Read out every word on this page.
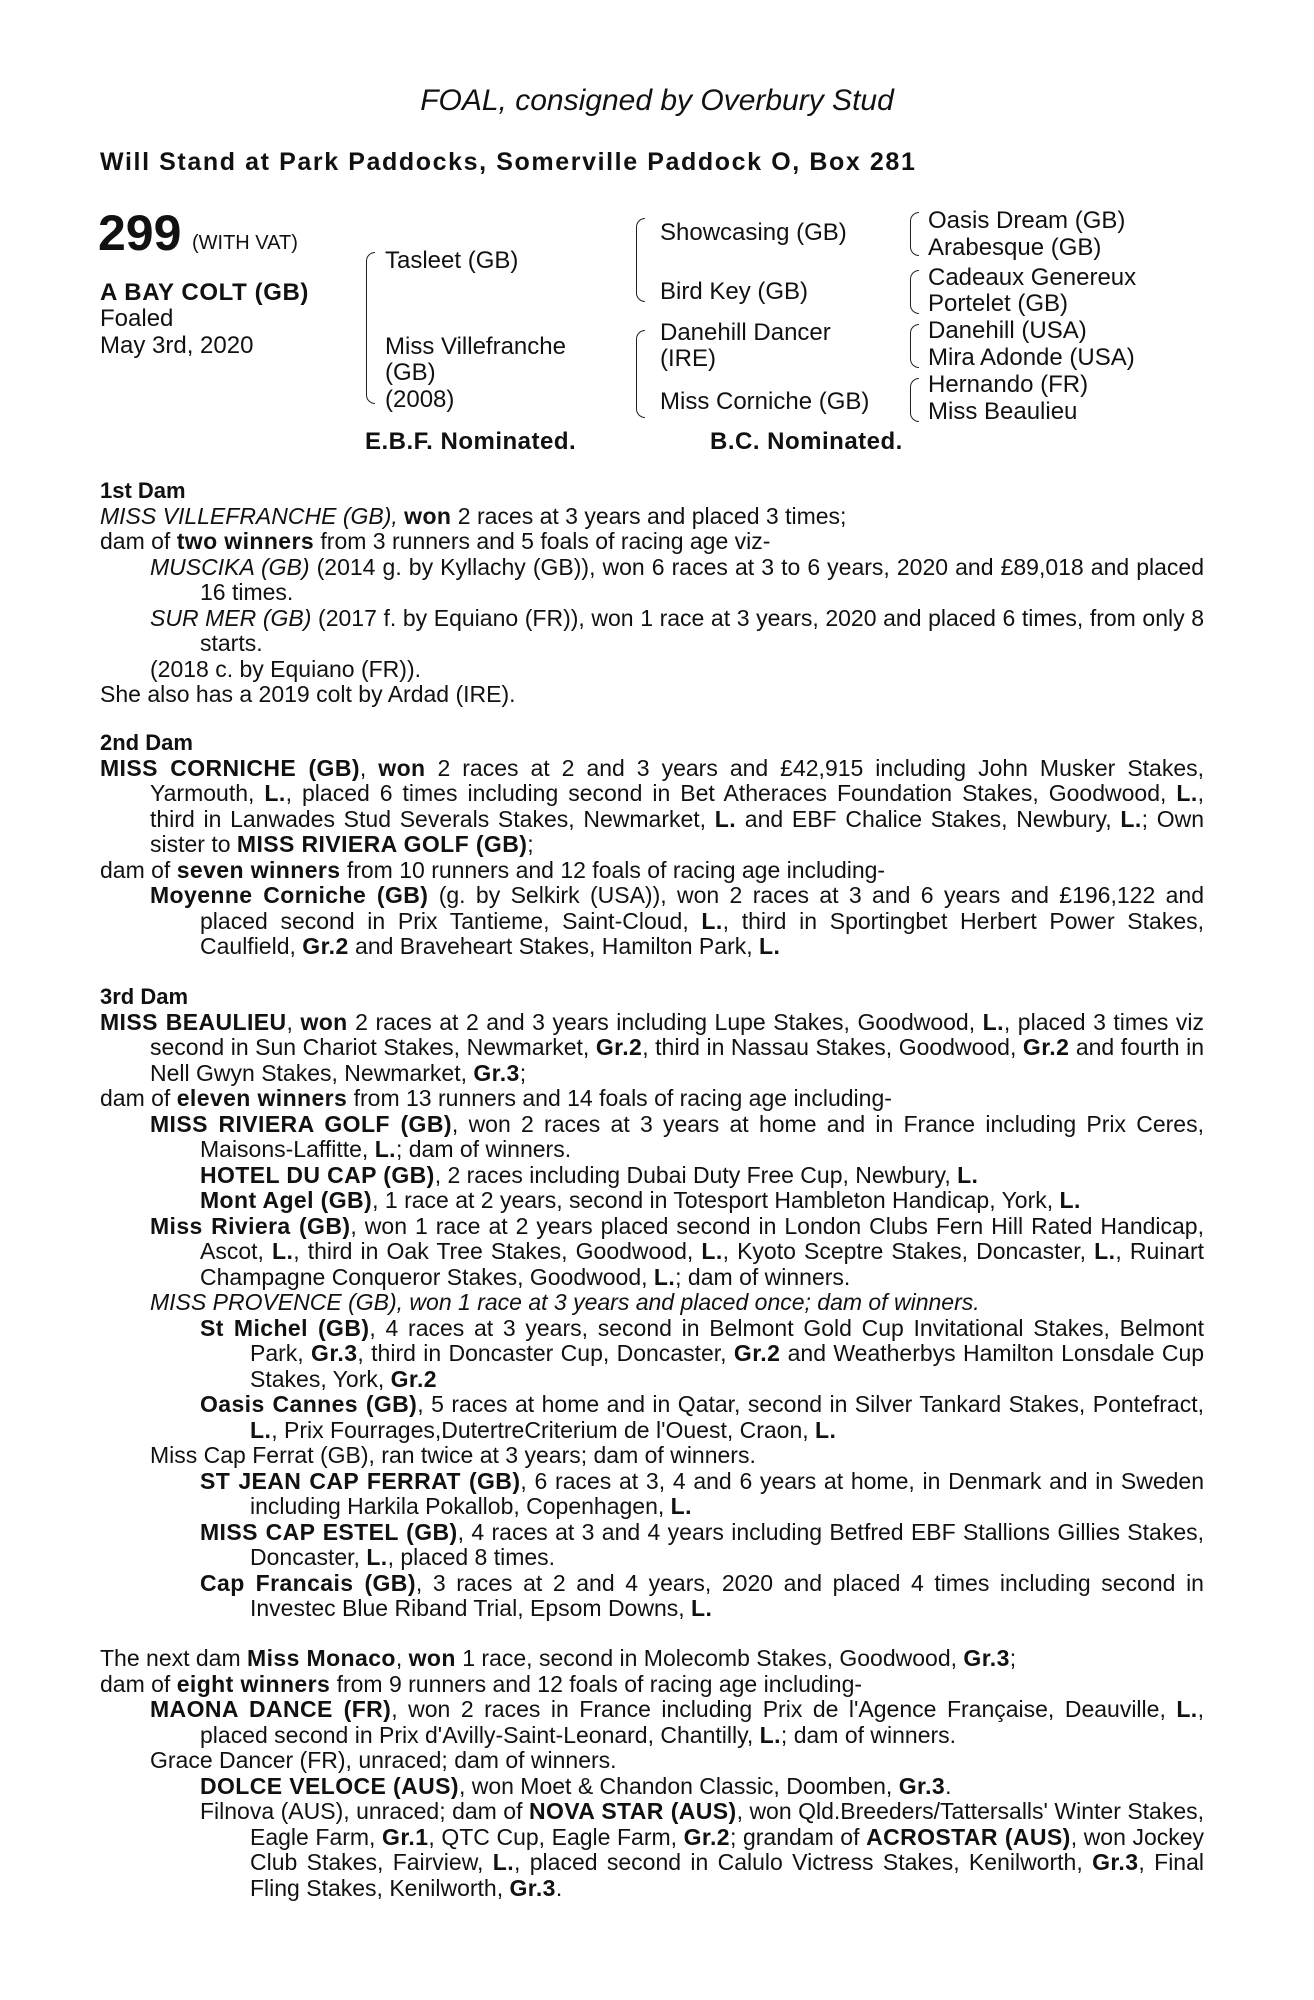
FOAL, consigned by Overbury Stud
Will Stand at Park Paddocks, Somerville Paddock O, Box 281
299 (WITH VAT)
A BAY COLT (GB)
Foaled
May 3rd, 2020
Tasleet (GB)
Miss Villefranche
(GB)
(2008)
Showcasing (GB)
Bird Key (GB)
Danehill Dancer
(IRE)
Miss Corniche (GB)
Oasis Dream (GB)
Arabesque (GB)
Cadeaux Genereux
Portelet (GB)
Danehill (USA)
Mira Adonde (USA)
Hernando (FR)
Miss Beaulieu
E.B.F. Nominated.	B.C. Nominated.

1st Dam

MISS VILLEFRANCHE (GB), won 2 races at 3 years and placed 3 times;

dam of two winners from 3 runners and 5 foals of racing age viz-

MUSCIKA (GB) (2014 g. by Kyllachy (GB)), won 6 races at 3 to 6 years, 2020 and £89,018 and placed 16 times.

SUR MER (GB) (2017 f. by Equiano (FR)), won 1 race at 3 years, 2020 and placed 6 times, from only 8 starts.

(2018 c. by Equiano (FR)).

She also has a 2019 colt by Ardad (IRE).

2nd Dam

MISS CORNICHE (GB), won 2 races at 2 and 3 years and £42,915 including John Musker Stakes, Yarmouth, L., placed 6 times including second in Bet Atheraces Foundation Stakes, Goodwood, L., third in Lanwades Stud Severals Stakes, Newmarket, L. and EBF Chalice Stakes, Newbury, L.; Own sister to MISS RIVIERA GOLF (GB);

dam of seven winners from 10 runners and 12 foals of racing age including-

Moyenne Corniche (GB) (g. by Selkirk (USA)), won 2 races at 3 and 6 years and £196,122 and placed second in Prix Tantieme, Saint-Cloud, L., third in Sportingbet Herbert Power Stakes, Caulfield, Gr.2 and Braveheart Stakes, Hamilton Park, L.

3rd Dam

MISS BEAULIEU, won 2 races at 2 and 3 years including Lupe Stakes, Goodwood, L., placed 3 times viz second in Sun Chariot Stakes, Newmarket, Gr.2, third in Nassau Stakes, Goodwood, Gr.2 and fourth in Nell Gwyn Stakes, Newmarket, Gr.3;

dam of eleven winners from 13 runners and 14 foals of racing age including-

MISS RIVIERA GOLF (GB), won 2 races at 3 years at home and in France including Prix Ceres, Maisons-Laffitte, L.; dam of winners.

HOTEL DU CAP (GB), 2 races including Dubai Duty Free Cup, Newbury, L.

Mont Agel (GB), 1 race at 2 years, second in Totesport Hambleton Handicap, York, L.

Miss Riviera (GB), won 1 race at 2 years placed second in London Clubs Fern Hill Rated Handicap, Ascot, L., third in Oak Tree Stakes, Goodwood, L., Kyoto Sceptre Stakes, Doncaster, L., Ruinart Champagne Conqueror Stakes, Goodwood, L.; dam of winners.

MISS PROVENCE (GB), won 1 race at 3 years and placed once; dam of winners.

St Michel (GB), 4 races at 3 years, second in Belmont Gold Cup Invitational Stakes, Belmont Park, Gr.3, third in Doncaster Cup, Doncaster, Gr.2 and Weatherbys Hamilton Lonsdale Cup Stakes, York, Gr.2

Oasis Cannes (GB), 5 races at home and in Qatar, second in Silver Tankard Stakes, Pontefract, L., Prix Fourrages,DutertreCriterium de l'Ouest, Craon, L.

Miss Cap Ferrat (GB), ran twice at 3 years; dam of winners.

ST JEAN CAP FERRAT (GB), 6 races at 3, 4 and 6 years at home, in Denmark and in Sweden including Harkila Pokallob, Copenhagen, L.

MISS CAP ESTEL (GB), 4 races at 3 and 4 years including Betfred EBF Stallions Gillies Stakes, Doncaster, L., placed 8 times.

Cap Francais (GB), 3 races at 2 and 4 years, 2020 and placed 4 times including second in Investec Blue Riband Trial, Epsom Downs, L.

The next dam Miss Monaco, won 1 race, second in Molecomb Stakes, Goodwood, Gr.3;

dam of eight winners from 9 runners and 12 foals of racing age including-

MAONA DANCE (FR), won 2 races in France including Prix de l'Agence Française, Deauville, L., placed second in Prix d'Avilly-Saint-Leonard, Chantilly, L.; dam of winners.

Grace Dancer (FR), unraced; dam of winners.

DOLCE VELOCE (AUS), won Moet & Chandon Classic, Doomben, Gr.3.

Filnova (AUS), unraced; dam of NOVA STAR (AUS), won Qld.Breeders/Tattersalls' Winter Stakes, Eagle Farm, Gr.1, QTC Cup, Eagle Farm, Gr.2; grandam of ACROSTAR (AUS), won Jockey Club Stakes, Fairview, L., placed second in Calulo Victress Stakes, Kenilworth, Gr.3, Final Fling Stakes, Kenilworth, Gr.3.
